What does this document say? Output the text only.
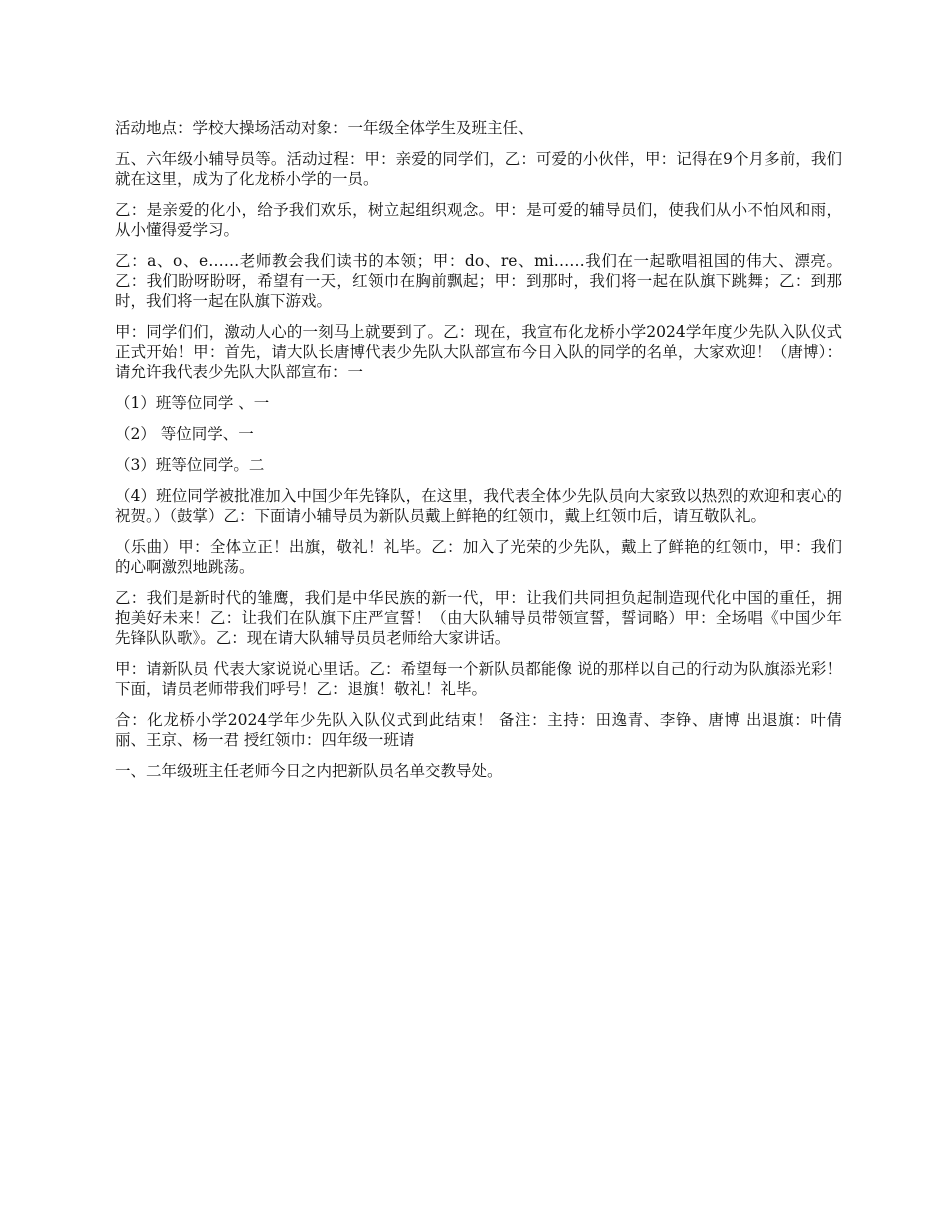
活动地点：学校大操场活动对象：一年级全体学生及班主任、

五、六年级小辅导员等。活动过程：甲：亲爱的同学们，乙：可爱的小伙伴，甲：记得在9个月多前，我们就在这里，成为了化龙桥小学的一员。

乙：是亲爱的化小，给予我们欢乐，树立起组织观念。甲：是可爱的辅导员们，使我们从小不怕风和雨，从小懂得爱学习。

乙：a、o、e……老师教会我们读书的本领；甲：do、re、mi……我们在一起歌唱祖国的伟大、漂亮。乙：我们盼呀盼呀，希望有一天，红领巾在胸前飘起；甲：到那时，我们将一起在队旗下跳舞；乙：到那时，我们将一起在队旗下游戏。

甲：同学们们，激动人心的一刻马上就要到了。乙：现在，我宣布化龙桥小学2024学年度少先队入队仪式正式开始！甲：首先，请大队长唐博代表少先队大队部宣布今日入队的同学的名单，大家欢迎！（唐博）：请允许我代表少先队大队部宣布：一

（1）班等位同学 、一

（2） 等位同学、一

（3）班等位同学。二

（4）班位同学被批准加入中国少年先锋队，在这里，我代表全体少先队员向大家致以热烈的欢迎和衷心的祝贺。）（鼓掌）乙：下面请小辅导员为新队员戴上鲜艳的红领巾，戴上红领巾后，请互敬队礼。

（乐曲）甲：全体立正！出旗，敬礼！礼毕。乙：加入了光荣的少先队，戴上了鲜艳的红领巾，甲：我们的心啊激烈地跳荡。

乙：我们是新时代的雏鹰，我们是中华民族的新一代，甲：让我们共同担负起制造现代化中国的重任，拥抱美好未来！乙：让我们在队旗下庄严宣誓！（由大队辅导员带领宣誓，誓词略）甲：全场唱《中国少年先锋队队歌》。乙：现在请大队辅导员员老师给大家讲话。

甲：请新队员 代表大家说说心里话。乙：希望每一个新队员都能像 说的那样以自己的行动为队旗添光彩！下面，请员老师带我们呼号！乙：退旗！敬礼！礼毕。

合：化龙桥小学2024学年少先队入队仪式到此结束！ 备注：主持：田逸青、李铮、唐博 出退旗：叶倩丽、王京、杨一君 授红领巾：四年级一班请

一、二年级班主任老师今日之内把新队员名单交教导处。
